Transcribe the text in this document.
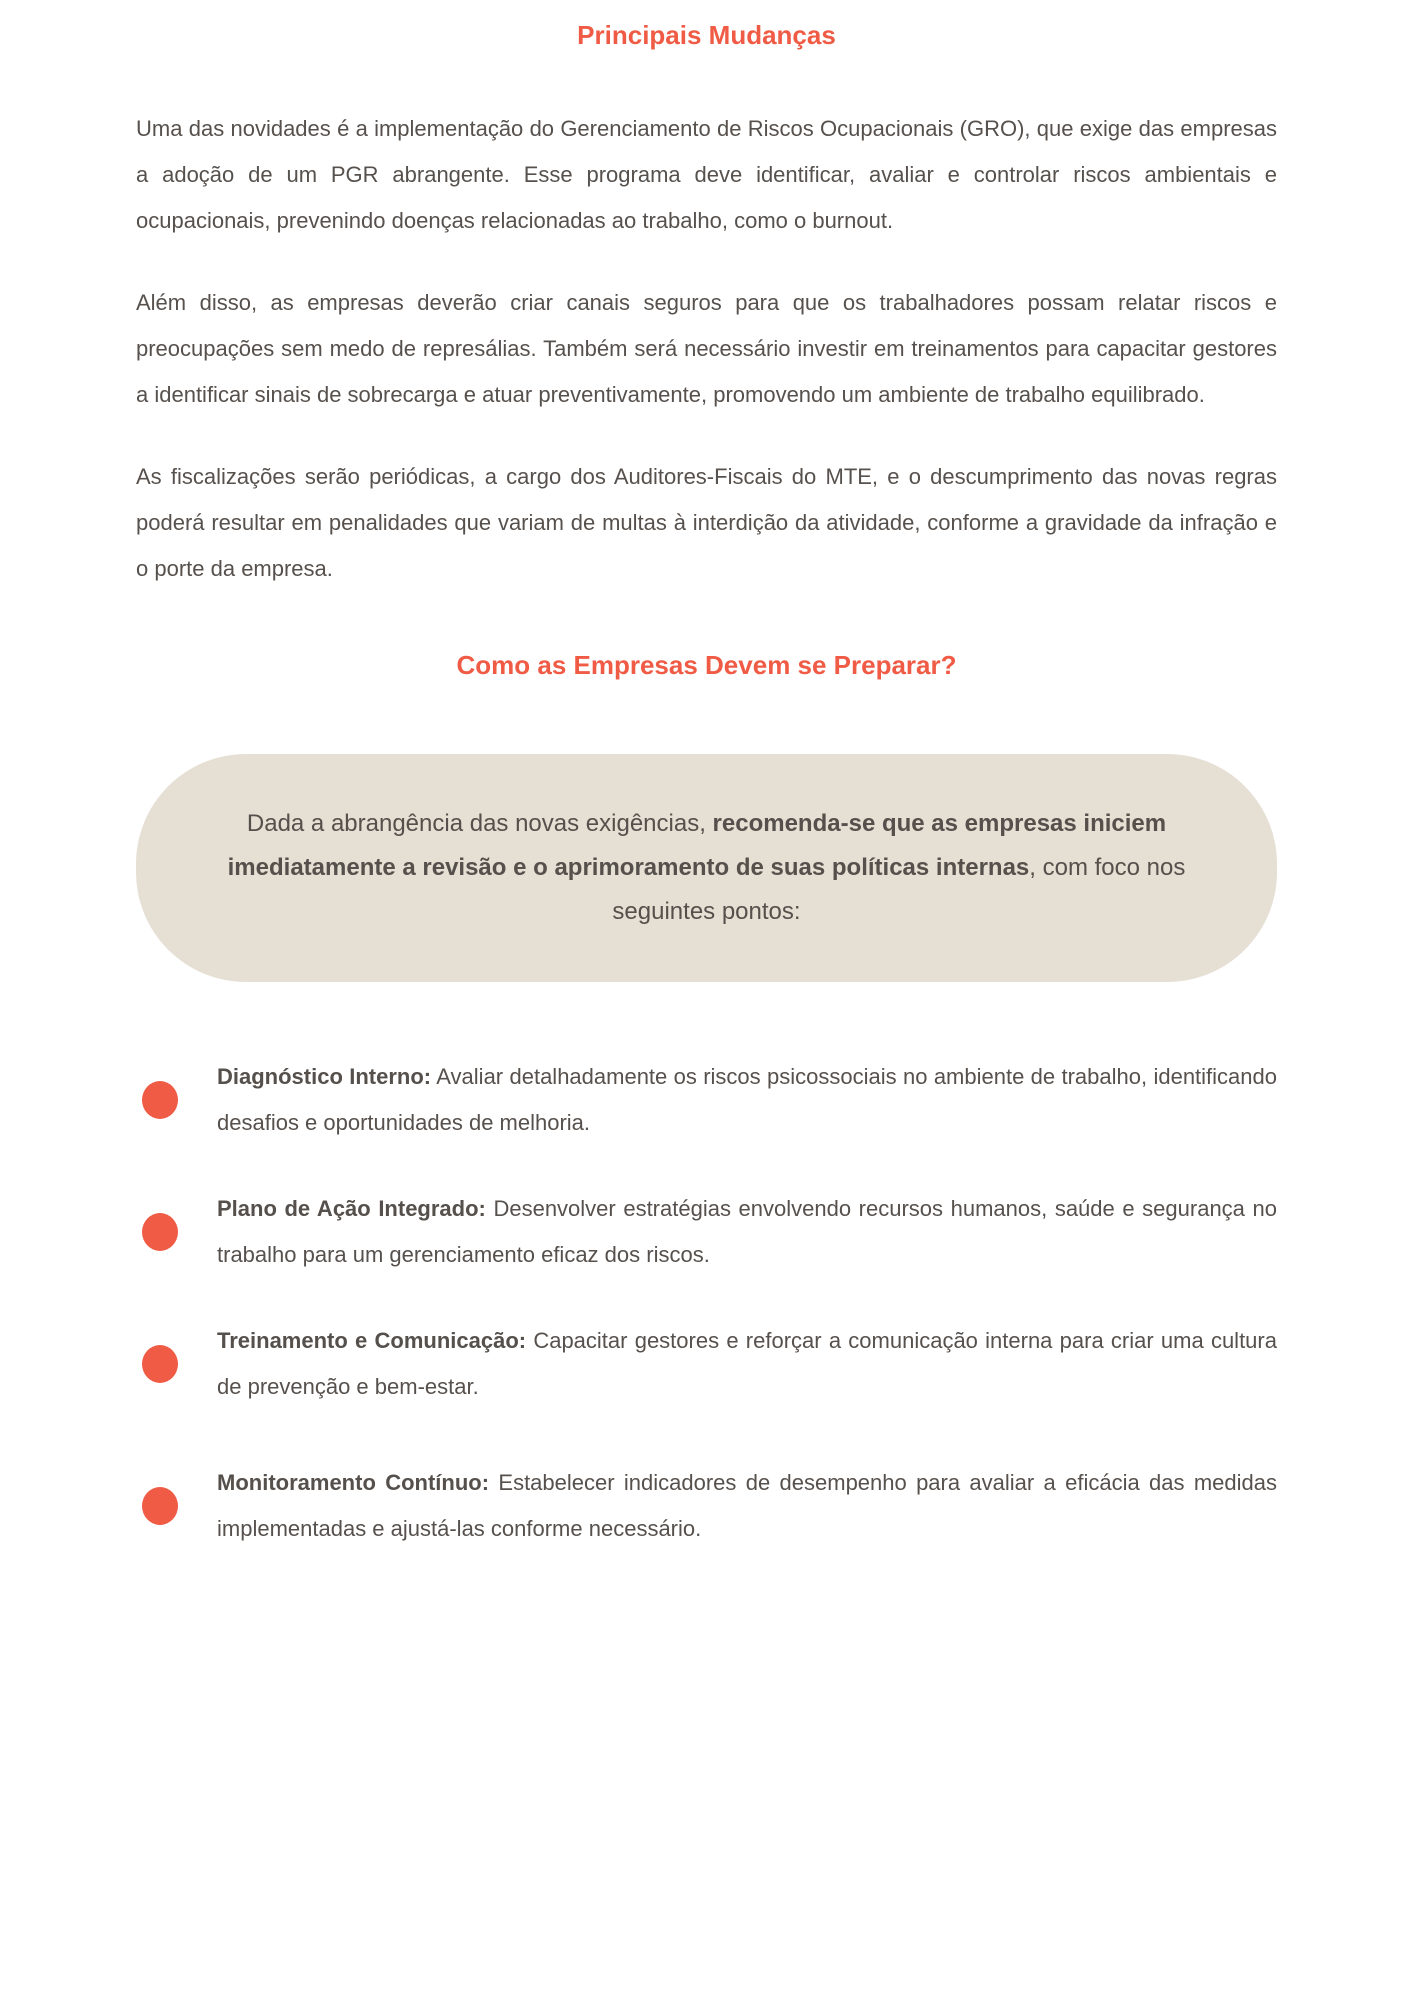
Principais Mudanças

Uma das novidades é a implementação do Gerenciamento de Riscos Ocupacionais (GRO), que exige das empresas a adoção de um PGR abrangente. Esse programa deve identificar, avaliar e controlar riscos ambientais e ocupacionais, prevenindo doenças relacionadas ao trabalho, como o burnout.

Além disso, as empresas deverão criar canais seguros para que os trabalhadores possam relatar riscos e preocupações sem medo de represálias. Também será necessário investir em treinamentos para capacitar gestores a identificar sinais de sobrecarga e atuar preventivamente, promovendo um ambiente de trabalho equilibrado.

As fiscalizações serão periódicas, a cargo dos Auditores-Fiscais do MTE, e o descumprimento das novas regras poderá resultar em penalidades que variam de multas à interdição da atividade, conforme a gravidade da infração e o porte da empresa.

Como as Empresas Devem se Preparar?
Dada a abrangência das novas exigências, recomenda-se que as empresas iniciem imediatamente a revisão e o aprimoramento de suas políticas internas, com foco nos seguintes pontos:
Diagnóstico Interno: Avaliar detalhadamente os riscos psicossociais no ambiente de trabalho, identificando desafios e oportunidades de melhoria.
Plano de Ação Integrado: Desenvolver estratégias envolvendo recursos humanos, saúde e segurança no trabalho para um gerenciamento eficaz dos riscos.
Treinamento e Comunicação: Capacitar gestores e reforçar a comunicação interna para criar uma cultura de prevenção e bem-estar.
Monitoramento Contínuo: Estabelecer indicadores de desempenho para avaliar a eficácia das medidas implementadas e ajustá-las conforme necessário.
